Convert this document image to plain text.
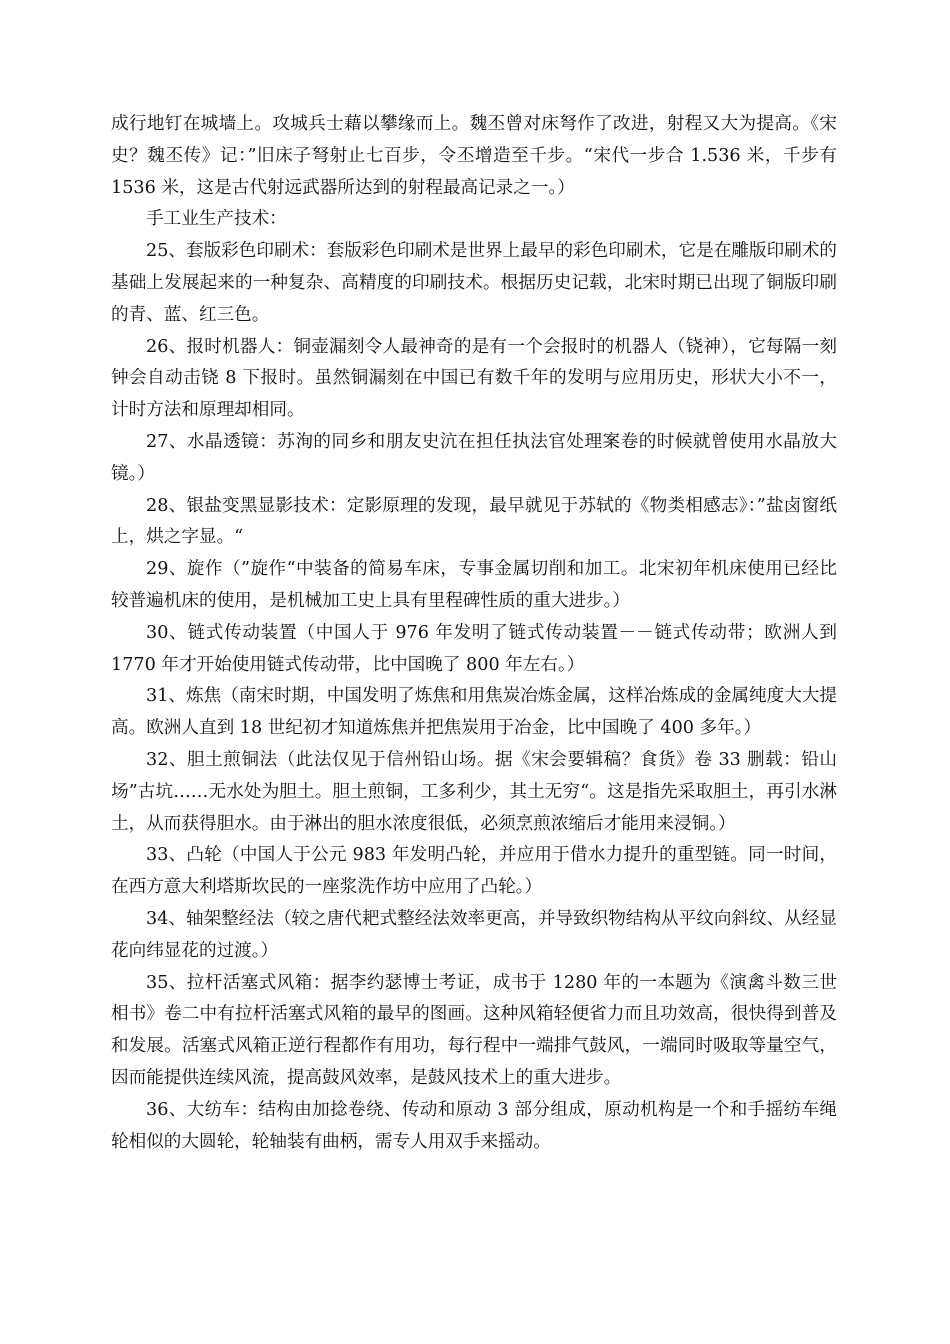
成行地钉在城墙上。攻城兵士藉以攀缘而上。魏丕曾对床弩作了改进，射程又大为提高。《宋史？魏丕传》记：”旧床子弩射止七百步，令丕增造至千步。“宋代一步合 1.536 米，千步有 1536 米，这是古代射远武器所达到的射程最高记录之一。）

手工业生产技术：

25、套版彩色印刷术：套版彩色印刷术是世界上最早的彩色印刷术，它是在雕版印刷术的基础上发展起来的一种复杂、高精度的印刷技术。根据历史记载，北宋时期已出现了铜版印刷的青、蓝、红三色。

26、报时机器人：铜壶漏刻令人最神奇的是有一个会报时的机器人（铙神），它每隔一刻钟会自动击铙 8 下报时。虽然铜漏刻在中国已有数千年的发明与应用历史，形状大小不一，计时方法和原理却相同。

27、水晶透镜：苏洵的同乡和朋友史沆在担任执法官处理案卷的时候就曾使用水晶放大镜。）

28、银盐变黑显影技术：定影原理的发现，最早就见于苏轼的《物类相感志》：”盐卤窗纸上，烘之字显。“

29、旋作（”旋作“中装备的简易车床，专事金属切削和加工。北宋初年机床使用已经比较普遍机床的使用，是机械加工史上具有里程碑性质的重大进步。）

30、链式传动装置（中国人于 976 年发明了链式传动装置－－链式传动带；欧洲人到 1770 年才开始使用链式传动带，比中国晚了 800 年左右。）

31、炼焦（南宋时期，中国发明了炼焦和用焦炭冶炼金属，这样冶炼成的金属纯度大大提高。欧洲人直到 18 世纪初才知道炼焦并把焦炭用于冶金，比中国晚了 400 多年。）

32、胆土煎铜法（此法仅见于信州铅山场。据《宋会要辑稿？食货》卷 33 删载：铅山场”古坑……无水处为胆土。胆土煎铜，工多利少，其土无穷“。这是指先采取胆土，再引水淋土，从而获得胆水。由于淋出的胆水浓度很低，必须烹煎浓缩后才能用来浸铜。）

33、凸轮（中国人于公元 983 年发明凸轮，并应用于借水力提升的重型链。同一时间，在西方意大利塔斯坎民的一座浆洗作坊中应用了凸轮。）

34、轴架整经法（较之唐代耙式整经法效率更高，并导致织物结构从平纹向斜纹、从经显花向纬显花的过渡。）

35、拉杆活塞式风箱：据李约瑟博士考证，成书于 1280 年的一本题为《演禽斗数三世相书》卷二中有拉杆活塞式风箱的最早的图画。这种风箱轻便省力而且功效高，很快得到普及和发展。活塞式风箱正逆行程都作有用功，每行程中一端排气鼓风，一端同时吸取等量空气，因而能提供连续风流，提高鼓风效率，是鼓风技术上的重大进步。

36、大纺车：结构由加捻卷绕、传动和原动 3 部分组成，原动机构是一个和手摇纺车绳轮相似的大圆轮，轮轴装有曲柄，需专人用双手来摇动。
